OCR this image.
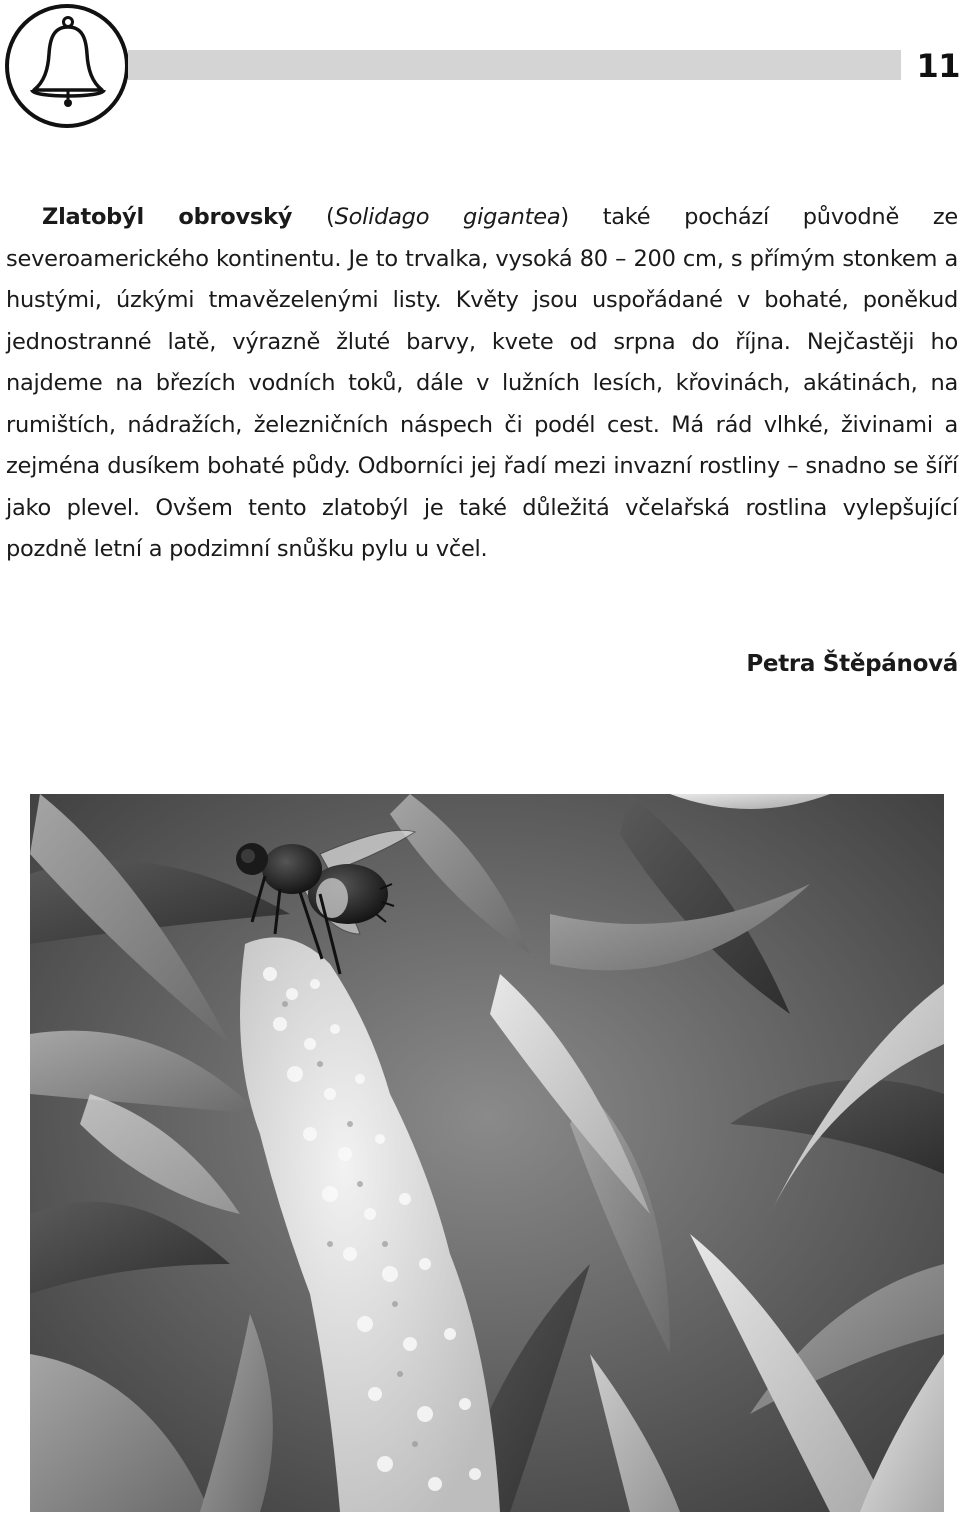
11

Zlatobýl obrovský (Solidago gigantea) také pochází původně ze severoamerického kontinentu. Je to trvalka, vysoká 80 – 200 cm, s přímým stonkem a hustými, úzkými tmavězelenými listy. Květy jsou uspořádané v bohaté, poněkud jednostranné latě, výrazně žluté barvy, kvete od srpna do října. Nejčastěji ho najdeme na březích vodních toků, dále v lužních lesích, křovinách, akátinách, na rumištích, nádražích, železničních náspech či podél cest. Má rád vlhké, živinami a zejména dusíkem bohaté půdy. Odborníci jej řadí mezi invazní rostliny – snadno se šíří jako plevel. Ovšem tento zlatobýl je také důležitá včelařská rostlina vylepšující pozdně letní a podzimní snůšku pylu u včel.

Petra Štěpánová
